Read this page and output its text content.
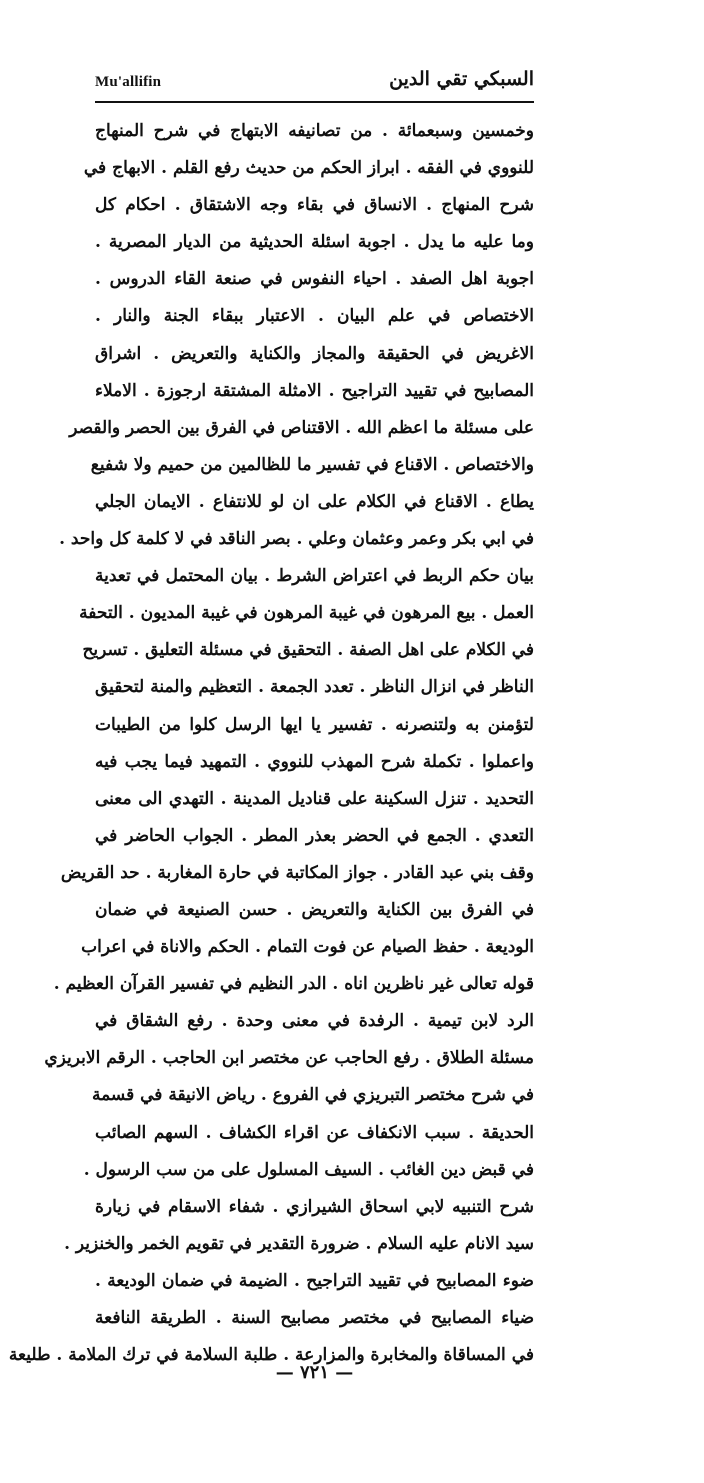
Mu'allifin	السبكي تقي الدين
وخمسين وسبعمائة . من تصانيفه الابتهاج في شرح المنهاج
للنووي في الفقه . ابراز الحكم من حديث رفع القلم . الابهاج في
شرح المنهاج . الانساق في بقاء وجه الاشتقاق . احكام كل
وما عليه ما يدل . اجوبة اسئلة الحديثية من الديار المصرية .
اجوبة اهل الصفد . احياء النفوس في صنعة القاء الدروس .
الاختصاص في علم البيان . الاعتبار ببقاء الجنة والنار .
الاغريض في الحقيقة والمجاز والكناية والتعريض . اشراق
المصابيح في تقييد التراجيح . الامثلة المشتقة ارجوزة . الاملاء
على مسئلة ما اعظم الله . الاقتناص في الفرق بين الحصر والقصر
والاختصاص . الاقناع في تفسير ما للظالمين من حميم ولا شفيع
يطاع . الاقناع في الكلام على ان لو للانتفاع . الايمان الجلي
في ابي بكر وعمر وعثمان وعلي . بصر الناقد في لا كلمة كل واحد .
بيان حكم الربط في اعتراض الشرط . بيان المحتمل في تعدية
العمل . بيع المرهون في غيبة المرهون في غيبة المديون . التحفة
في الكلام على اهل الصفة . التحقيق في مسئلة التعليق . تسريح
الناظر في انزال الناظر . تعدد الجمعة . التعظيم والمنة لتحقيق
لتؤمنن به ولتنصرنه . تفسير يا ايها الرسل كلوا من الطيبات
واعملوا . تكملة شرح المهذب للنووي . التمهيد فيما يجب فيه
التحديد . تنزل السكينة على قناديل المدينة . التهدي الى معنى
التعدي . الجمع في الحضر بعذر المطر . الجواب الحاضر في
وقف بني عبد القادر . جواز المكاتبة في حارة المغاربة . حد القريض
في الفرق بين الكناية والتعريض . حسن الصنيعة في ضمان
الوديعة . حفظ الصيام عن فوت التمام . الحكم والاناة في اعراب
قوله تعالى غير ناظرين اناه . الدر النظيم في تفسير القرآن العظيم .
الرد لابن تيمية . الرفدة في معنى وحدة . رفع الشقاق في
مسئلة الطلاق . رفع الحاجب عن مختصر ابن الحاجب . الرقم الابريزي
في شرح مختصر التبريزي في الفروع . رياض الانيقة في قسمة
الحديقة . سبب الانكفاف عن اقراء الكشاف . السهم الصائب
في قبض دين الغائب . السيف المسلول على من سب الرسول .
شرح التنبيه لابي اسحاق الشيرازي . شفاء الاسقام في زيارة
سيد الانام عليه السلام . ضرورة التقدير في تقويم الخمر والخنزير .
ضوء المصابيح في تقييد التراجيح . الضيمة في ضمان الوديعة .
ضياء المصابيح في مختصر مصابيح السنة . الطريقة النافعة
في المساقاة والمخابرة والمزارعة . طلبة السلامة في ترك الملامة . طليعة
— ٧٢١ —
